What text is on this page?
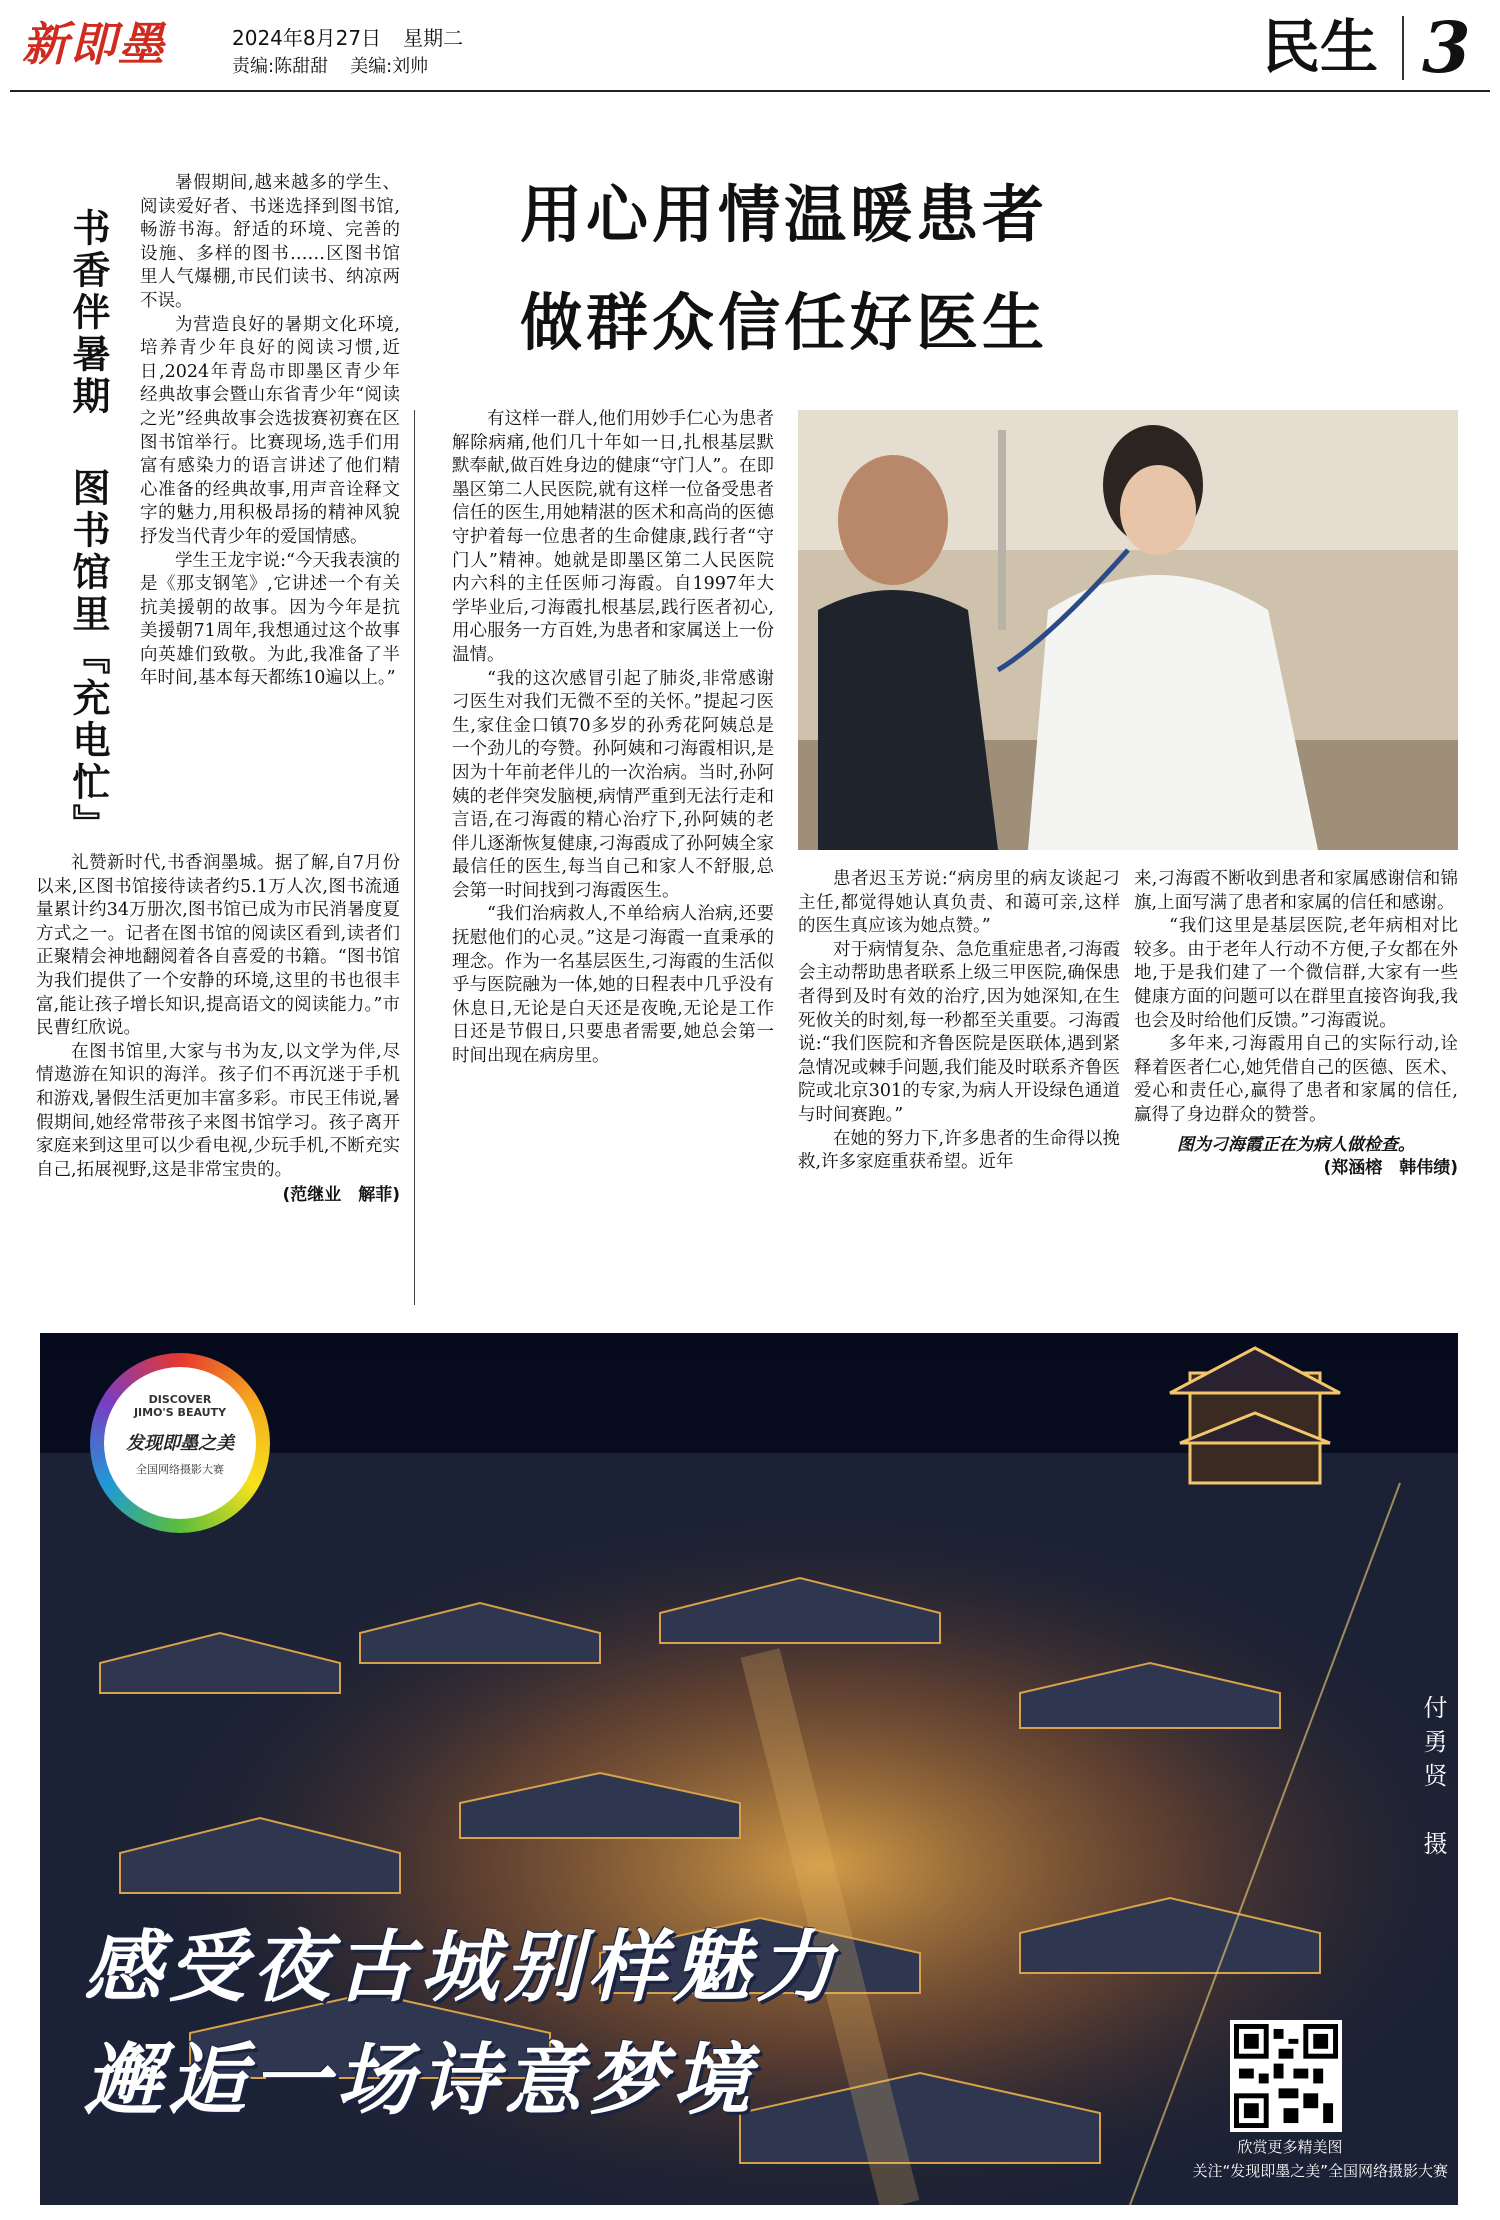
新即墨	2024年8月27日 星期二
责编:陈甜甜 美编:刘帅	民生 3
书香伴暑期
图书馆里『充电忙』

暑假期间,越来越多的学生、阅读爱好者、书迷选择到图书馆,畅游书海。舒适的环境、完善的设施、多样的图书……区图书馆里人气爆棚,市民们读书、纳凉两不误。

为营造良好的暑期文化环境,培养青少年良好的阅读习惯,近日,2024年青岛市即墨区青少年经典故事会暨山东省青少年“阅读之光”经典故事会选拔赛初赛在区图书馆举行。比赛现场,选手们用富有感染力的语言讲述了他们精心准备的经典故事,用声音诠释文字的魅力,用积极昂扬的精神风貌抒发当代青少年的爱国情感。

学生王龙宇说:“今天我表演的是《那支钢笔》,它讲述一个有关抗美援朝的故事。因为今年是抗美援朝71周年,我想通过这个故事向英雄们致敬。为此,我准备了半年时间,基本每天都练10遍以上。”

礼赞新时代,书香润墨城。据了解,自7月份以来,区图书馆接待读者约5.1万人次,图书流通量累计约34万册次,图书馆已成为市民消暑度夏方式之一。记者在图书馆的阅读区看到,读者们正聚精会神地翻阅着各自喜爱的书籍。“图书馆为我们提供了一个安静的环境,这里的书也很丰富,能让孩子增长知识,提高语文的阅读能力。”市民曹红欣说。

在图书馆里,大家与书为友,以文学为伴,尽情遨游在知识的海洋。孩子们不再沉迷于手机和游戏,暑假生活更加丰富多彩。市民王伟说,暑假期间,她经常带孩子来图书馆学习。孩子离开家庭来到这里可以少看电视,少玩手机,不断充实自己,拓展视野,这是非常宝贵的。

(范继业　解菲)
用心用情温暖患者
做群众信任好医生

有这样一群人,他们用妙手仁心为患者解除病痛,他们几十年如一日,扎根基层默默奉献,做百姓身边的健康“守门人”。在即墨区第二人民医院,就有这样一位备受患者信任的医生,用她精湛的医术和高尚的医德守护着每一位患者的生命健康,践行者“守门人”精神。她就是即墨区第二人民医院内六科的主任医师刁海霞。自1997年大学毕业后,刁海霞扎根基层,践行医者初心,用心服务一方百姓,为患者和家属送上一份温情。

“我的这次感冒引起了肺炎,非常感谢刁医生对我们无微不至的关怀。”提起刁医生,家住金口镇70多岁的孙秀花阿姨总是一个劲儿的夸赞。孙阿姨和刁海霞相识,是因为十年前老伴儿的一次治病。当时,孙阿姨的老伴突发脑梗,病情严重到无法行走和言语,在刁海霞的精心治疗下,孙阿姨的老伴儿逐渐恢复健康,刁海霞成了孙阿姨全家最信任的医生,每当自己和家人不舒服,总会第一时间找到刁海霞医生。

“我们治病救人,不单给病人治病,还要抚慰他们的心灵。”这是刁海霞一直秉承的理念。作为一名基层医生,刁海霞的生活似乎与医院融为一体,她的日程表中几乎没有休息日,无论是白天还是夜晚,无论是工作日还是节假日,只要患者需要,她总会第一时间出现在病房里。

患者迟玉芳说:“病房里的病友谈起刁主任,都觉得她认真负责、和蔼可亲,这样的医生真应该为她点赞。”

对于病情复杂、急危重症患者,刁海霞会主动帮助患者联系上级三甲医院,确保患者得到及时有效的治疗,因为她深知,在生死攸关的时刻,每一秒都至关重要。刁海霞说:“我们医院和齐鲁医院是医联体,遇到紧急情况或棘手问题,我们能及时联系齐鲁医院或北京301的专家,为病人开设绿色通道与时间赛跑。”

在她的努力下,许多患者的生命得以挽救,许多家庭重获希望。近年

来,刁海霞不断收到患者和家属感谢信和锦旗,上面写满了患者和家属的信任和感谢。

“我们这里是基层医院,老年病相对比较多。由于老年人行动不方便,子女都在外地,于是我们建了一个微信群,大家有一些健康方面的问题可以在群里直接咨询我,我也会及时给他们反馈。”刁海霞说。

多年来,刁海霞用自己的实际行动,诠释着医者仁心,她凭借自己的医德、医术、爱心和责任心,赢得了患者和家属的信任,赢得了身边群众的赞誉。

图为刁海霞正在为病人做检查。
(郑涵榕　韩伟绩)
DISCOVER
JIMO'S BEAUTY
发现即墨之美
全国网络摄影大赛
付勇贤　摄
感受夜古城别样魅力
邂逅一场诗意梦境
欣赏更多精美图
关注“发现即墨之美”全国网络摄影大赛
